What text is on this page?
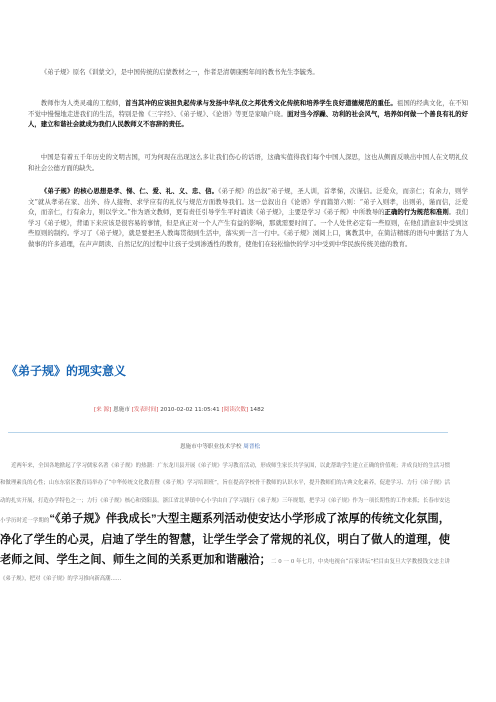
《弟子规》原名《训蒙文》，是中国传统的启蒙教材之一，作者是清朝康熙年间的教书先生李毓秀。

教师作为人类灵魂的工程师，首当其冲的应该担负起传承与发扬中华礼仪之邦优秀文化传统和培养学生良好道德规范的重任。祖国的经典文化，在不知不觉中慢慢地走进我们的生活，特别是像《三字经》、《弟子规》、《论语》等更是家喻户晓。面对当今浮躁、功利的社会风气，培养如何做一个善良有礼的好人，建立和谐社会就成为我们人民教师义不容辞的责任。

中国是有着五千年历史的文明古国，可为何现在出现这么多让我们伤心的话语，这确实值得我们每个中国人深思，这也从侧面反映出中国人在文明礼仪和社会公德方面的缺失。

《弟子规》的核心思想是孝、悌、仁、爱、礼、义、忠、信。《弟子规》的总叙“弟子规，圣人训，首孝悌，次谨信。泛爱众，而亲仁；有余力，则学文”就从孝弟在家、出外、待人接物、求学应有的礼仪与规范方面教导我们。这一总叙出自《论语》学而篇第六则：“弟子入则孝，出则弟，谨而信，泛爱众，而亲仁，行有余力，则以学文。”作为语文教师，更有责任引导学生平时诵读《弟子规》，主要是学习《弟子规》中所教导的正确的行为规范和准则。我们学习《弟子规》，背诵下来应该是很容易的事情，但是真正对一个人产生有益的影响，那就需要时间了。一个人处世必定有一些原则，在他们潜意识中受到这些原则的制约。学习了《弟子规》，就是要把圣人教诲贯彻到生活中，落实到一言一行中。《弟子规》浏阅上口，寓教其中，在简洁精练的语句中囊括了为人做事的许多道理，在声声朗读、自然记忆的过程中让孩子受到渗透性的教育，使他们在轻松愉快的学习中受到中华民族传统美德的教育。

《弟子规》的现实意义
[来 源] 恩施市 [发表时间] 2010-02-02 11:05:41 [阅读次数] 1482
恩施市中等职业技术学校 周晋松

近两年来，全国各地掀起了学习儒家名著《弟子规》的热潮：广东龙川县开展《弟子规》学习教育活动，形成师生家长共学氛围，以此帮助学生建立正确的价值观；并成良好的生活习惯和做理素良的心性；山东东宿区教育局举办了“中华传统文化教育暨《弟子规》学习培训班”，旨在提高学校骨干教师的认识水平，提升教师们的古典文化素养，促进学习、力行《弟子规》活动的扎实开展，打造办学特色之一；力行《弟子规》核心和资阳县。浙江省北界镇中心小学由自了学习践行《弟子规》三年规划，把学习《弟子规》作为一项长期性的工作来抓；长春市安达小学历时近一学期的“《弟子规》伴我成长”大型主题系列活动使安达小学形成了浓厚的传统文化氛围，净化了学生的心灵，启迪了学生的智慧，让学生学会了常规的礼仪，明白了做人的道理，使老师之间、学生之间、师生之间的关系更加和谐融洽；二 0 一 0 年七月，中央电视台“百家讲坛”栏目由复旦大学教授钱文忠主讲《弟子规》，把对《弟子规》的学习推向新高潮……
